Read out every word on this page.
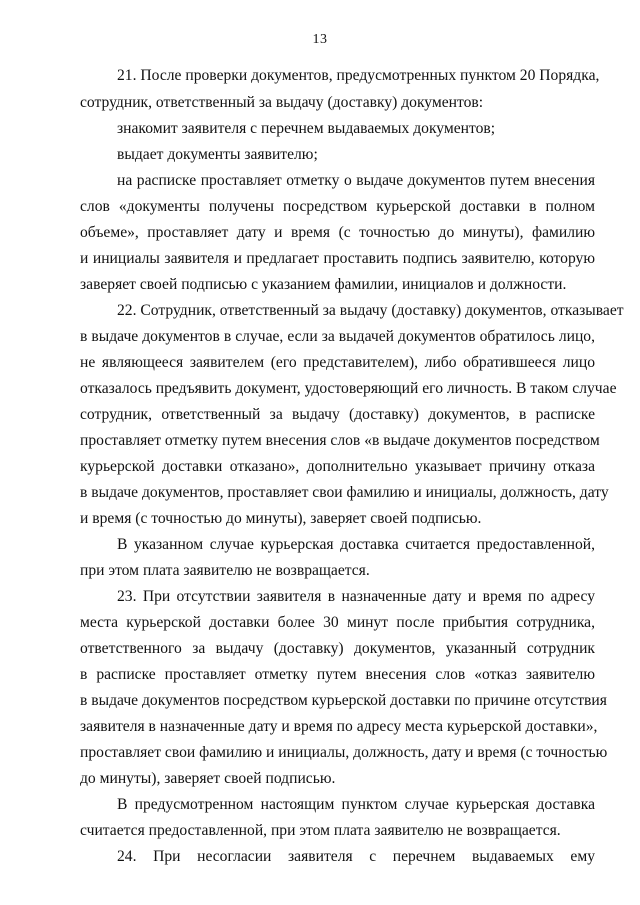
13
21. После проверки документов, предусмотренных пунктом 20 Порядка,
сотрудник, ответственный за выдачу (доставку) документов:
знакомит заявителя с перечнем выдаваемых документов;
выдает документы заявителю;
на расписке проставляет отметку о выдаче документов путем внесения
слов «документы получены посредством курьерской доставки в полном
объеме», проставляет дату и время (с точностью до минуты), фамилию
и инициалы заявителя и предлагает проставить подпись заявителю, которую
заверяет своей подписью с указанием фамилии, инициалов и должности.
22. Сотрудник, ответственный за выдачу (доставку) документов, отказывает
в выдаче документов в случае, если за выдачей документов обратилось лицо,
не являющееся заявителем (его представителем), либо обратившееся лицо
отказалось предъявить документ, удостоверяющий его личность. В таком случае
сотрудник, ответственный за выдачу (доставку) документов, в расписке
проставляет отметку путем внесения слов «в выдаче документов посредством
курьерской доставки отказано», дополнительно указывает причину отказа
в выдаче документов, проставляет свои фамилию и инициалы, должность, дату
и время (с точностью до минуты), заверяет своей подписью.
В указанном случае курьерская доставка считается предоставленной,
при этом плата заявителю не возвращается.
23. При отсутствии заявителя в назначенные дату и время по адресу
места курьерской доставки более 30 минут после прибытия сотрудника,
ответственного за выдачу (доставку) документов, указанный сотрудник
в расписке проставляет отметку путем внесения слов «отказ заявителю
в выдаче документов посредством курьерской доставки по причине отсутствия
заявителя в назначенные дату и время по адресу места курьерской доставки»,
проставляет свои фамилию и инициалы, должность, дату и время (с точностью
до минуты), заверяет своей подписью.
В предусмотренном настоящим пунктом случае курьерская доставка
считается предоставленной, при этом плата заявителю не возвращается.
24. При несогласии заявителя с перечнем выдаваемых ему
